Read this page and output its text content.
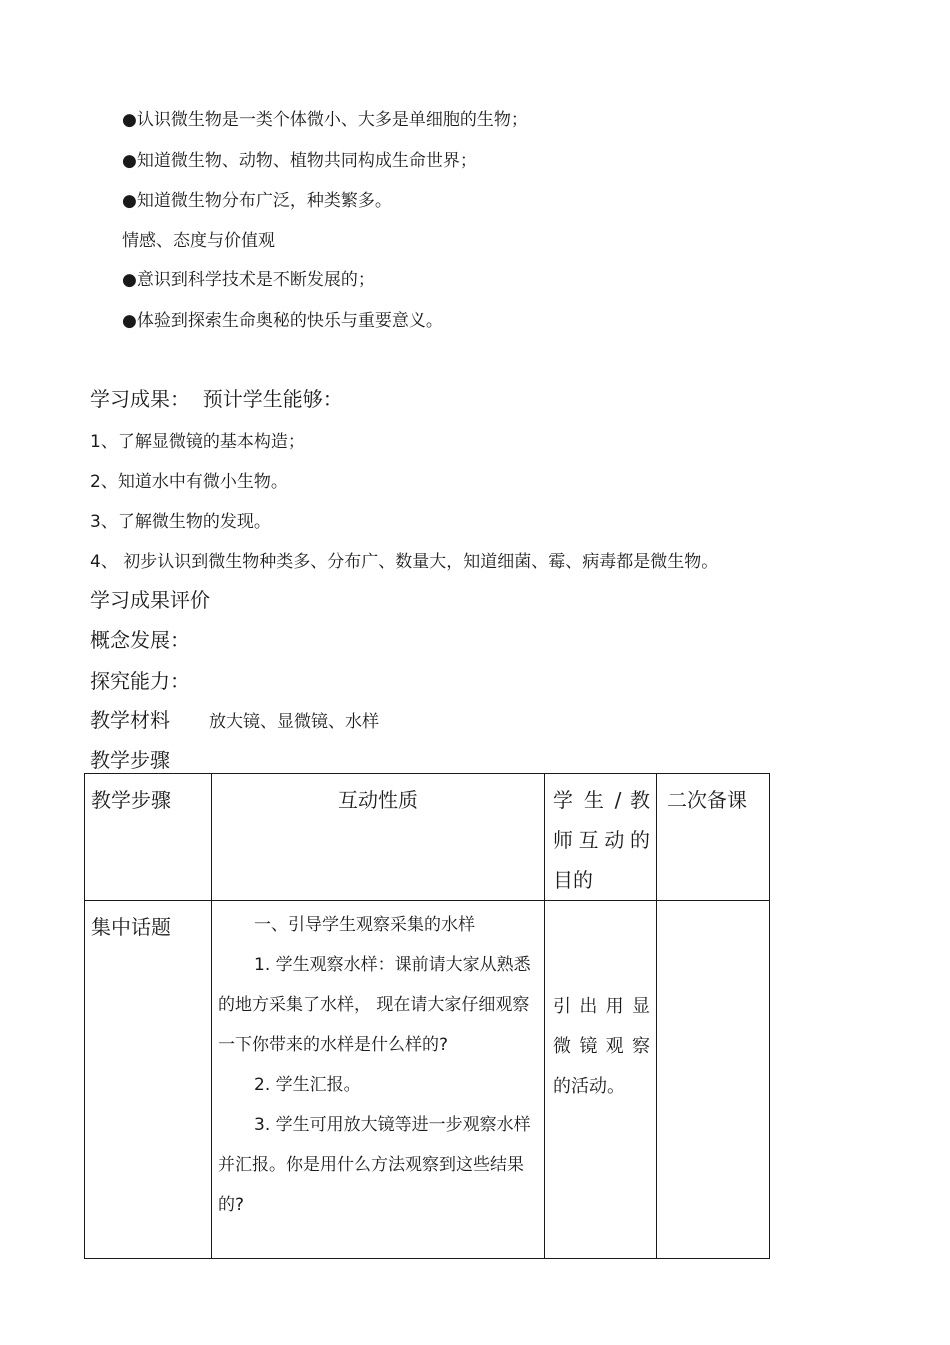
●认识微生物是一类个体微小、大多是单细胞的生物；
●知道微生物、动物、植物共同构成生命世界；
●知道微生物分布广泛，种类繁多。
情感、态度与价值观
●意识到科学技术是不断发展的；
●体验到探索生命奥秘的快乐与重要意义。
学习成果：  预计学生能够：
1、了解显微镜的基本构造；
2、知道水中有微小生物。
3、了解微生物的发现。
4、 初步认识到微生物种类多、分布广、数量大，知道细菌、霉、病毒都是微生物。
学习成果评价
概念发展：
探究能力：
教学材料 放大镜、显微镜、水样
教学步骤
教学步骤	互动性质	学 生 / 教 师互动的目的	二次备课

集中话题	一、引导学生观察采集的水样

1. 学生观察水样：课前请大家从熟悉的地方采集了水样， 现在请大家仔细观察一下你带来的水样是什么样的?

2. 学生汇报。

3. 学生可用放大镜等进一步观察水样并汇报。你是用什么方法观察到这些结果的?	引 出 用 显 微 镜 观 察 的活动。	
